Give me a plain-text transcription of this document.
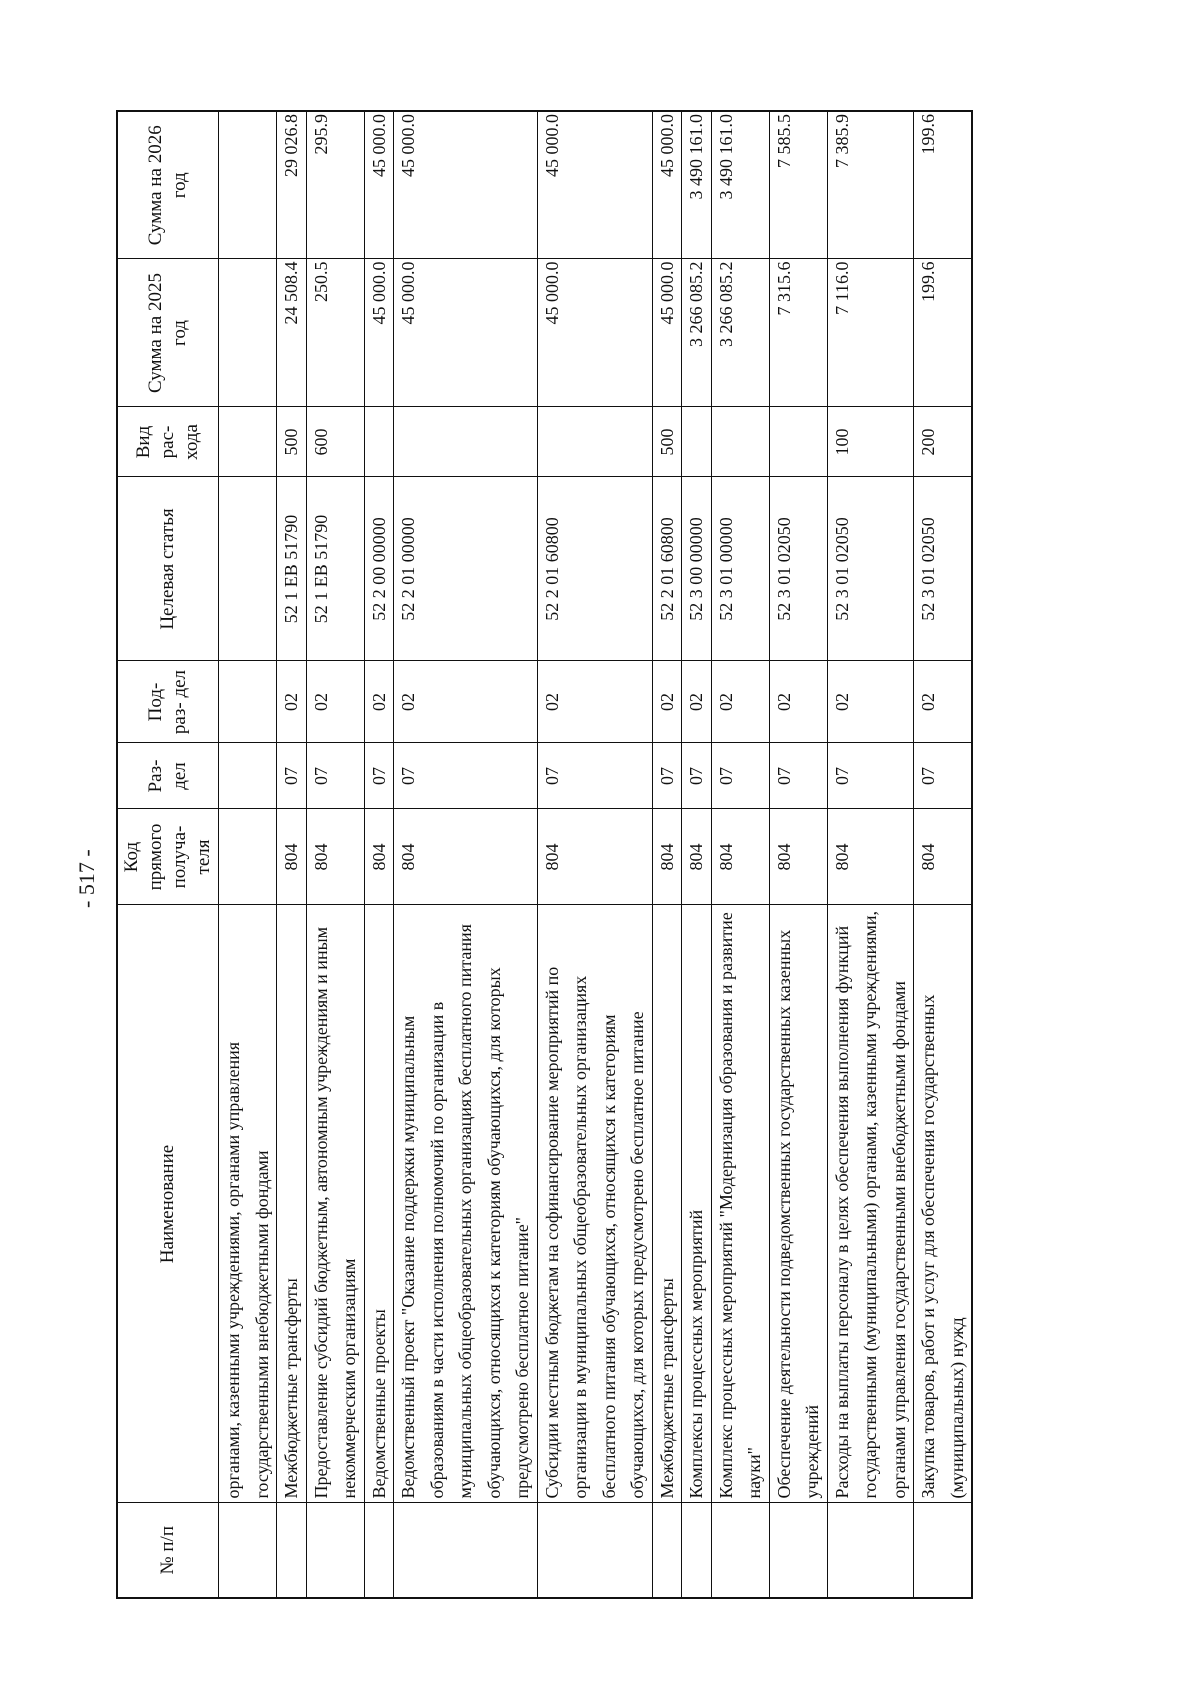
- 517 -
№ п/п	Наименование	Код прямого получа- теля	Раз- дел	Под- раз- дел	Целевая статья	Вид рас- хода	Сумма на 2025 год	Сумма на 2026 год
	органами, казенными учреждениями, органами управления государственными внебюджетными фондами							
	Межбюджетные трансферты	804	07	02	52 1 ЕВ 51790	500	24 508.4	29 026.8
	Предоставление субсидий бюджетным, автономным учреждениям и иным некоммерческим организациям	804	07	02	52 1 ЕВ 51790	600	250.5	295.9
	Ведомственные проекты	804	07	02	52 2 00 00000		45 000.0	45 000.0
	Ведомственный проект "Оказание поддержки муниципальным образованиям в части исполнения полномочий по организации в муниципальных общеобразовательных организациях бесплатного питания обучающихся, относящихся к категориям обучающихся, для которых предусмотрено бесплатное питание"	804	07	02	52 2 01 00000		45 000.0	45 000.0
	Субсидии местным бюджетам на софинансирование мероприятий по организации в муниципальных общеобразовательных организациях бесплатного питания обучающихся, относящихся к категориям обучающихся, для которых предусмотрено бесплатное питание	804	07	02	52 2 01 60800		45 000.0	45 000.0
	Межбюджетные трансферты	804	07	02	52 2 01 60800	500	45 000.0	45 000.0
	Комплексы процессных мероприятий	804	07	02	52 3 00 00000		3 266 085.2	3 490 161.0
	Комплекс процессных мероприятий "Модернизация образования и развитие науки"	804	07	02	52 3 01 00000		3 266 085.2	3 490 161.0
	Обеспечение деятельности подведомственных государственных казенных учреждений	804	07	02	52 3 01 02050		7 315.6	7 585.5
	Расходы на выплаты персоналу в целях обеспечения выполнения функций государственными (муниципальными) органами, казенными учреждениями, органами управления государственными внебюджетными фондами	804	07	02	52 3 01 02050	100	7 116.0	7 385.9
	Закупка товаров, работ и услуг для обеспечения государственных (муниципальных) нужд	804	07	02	52 3 01 02050	200	199.6	199.6
